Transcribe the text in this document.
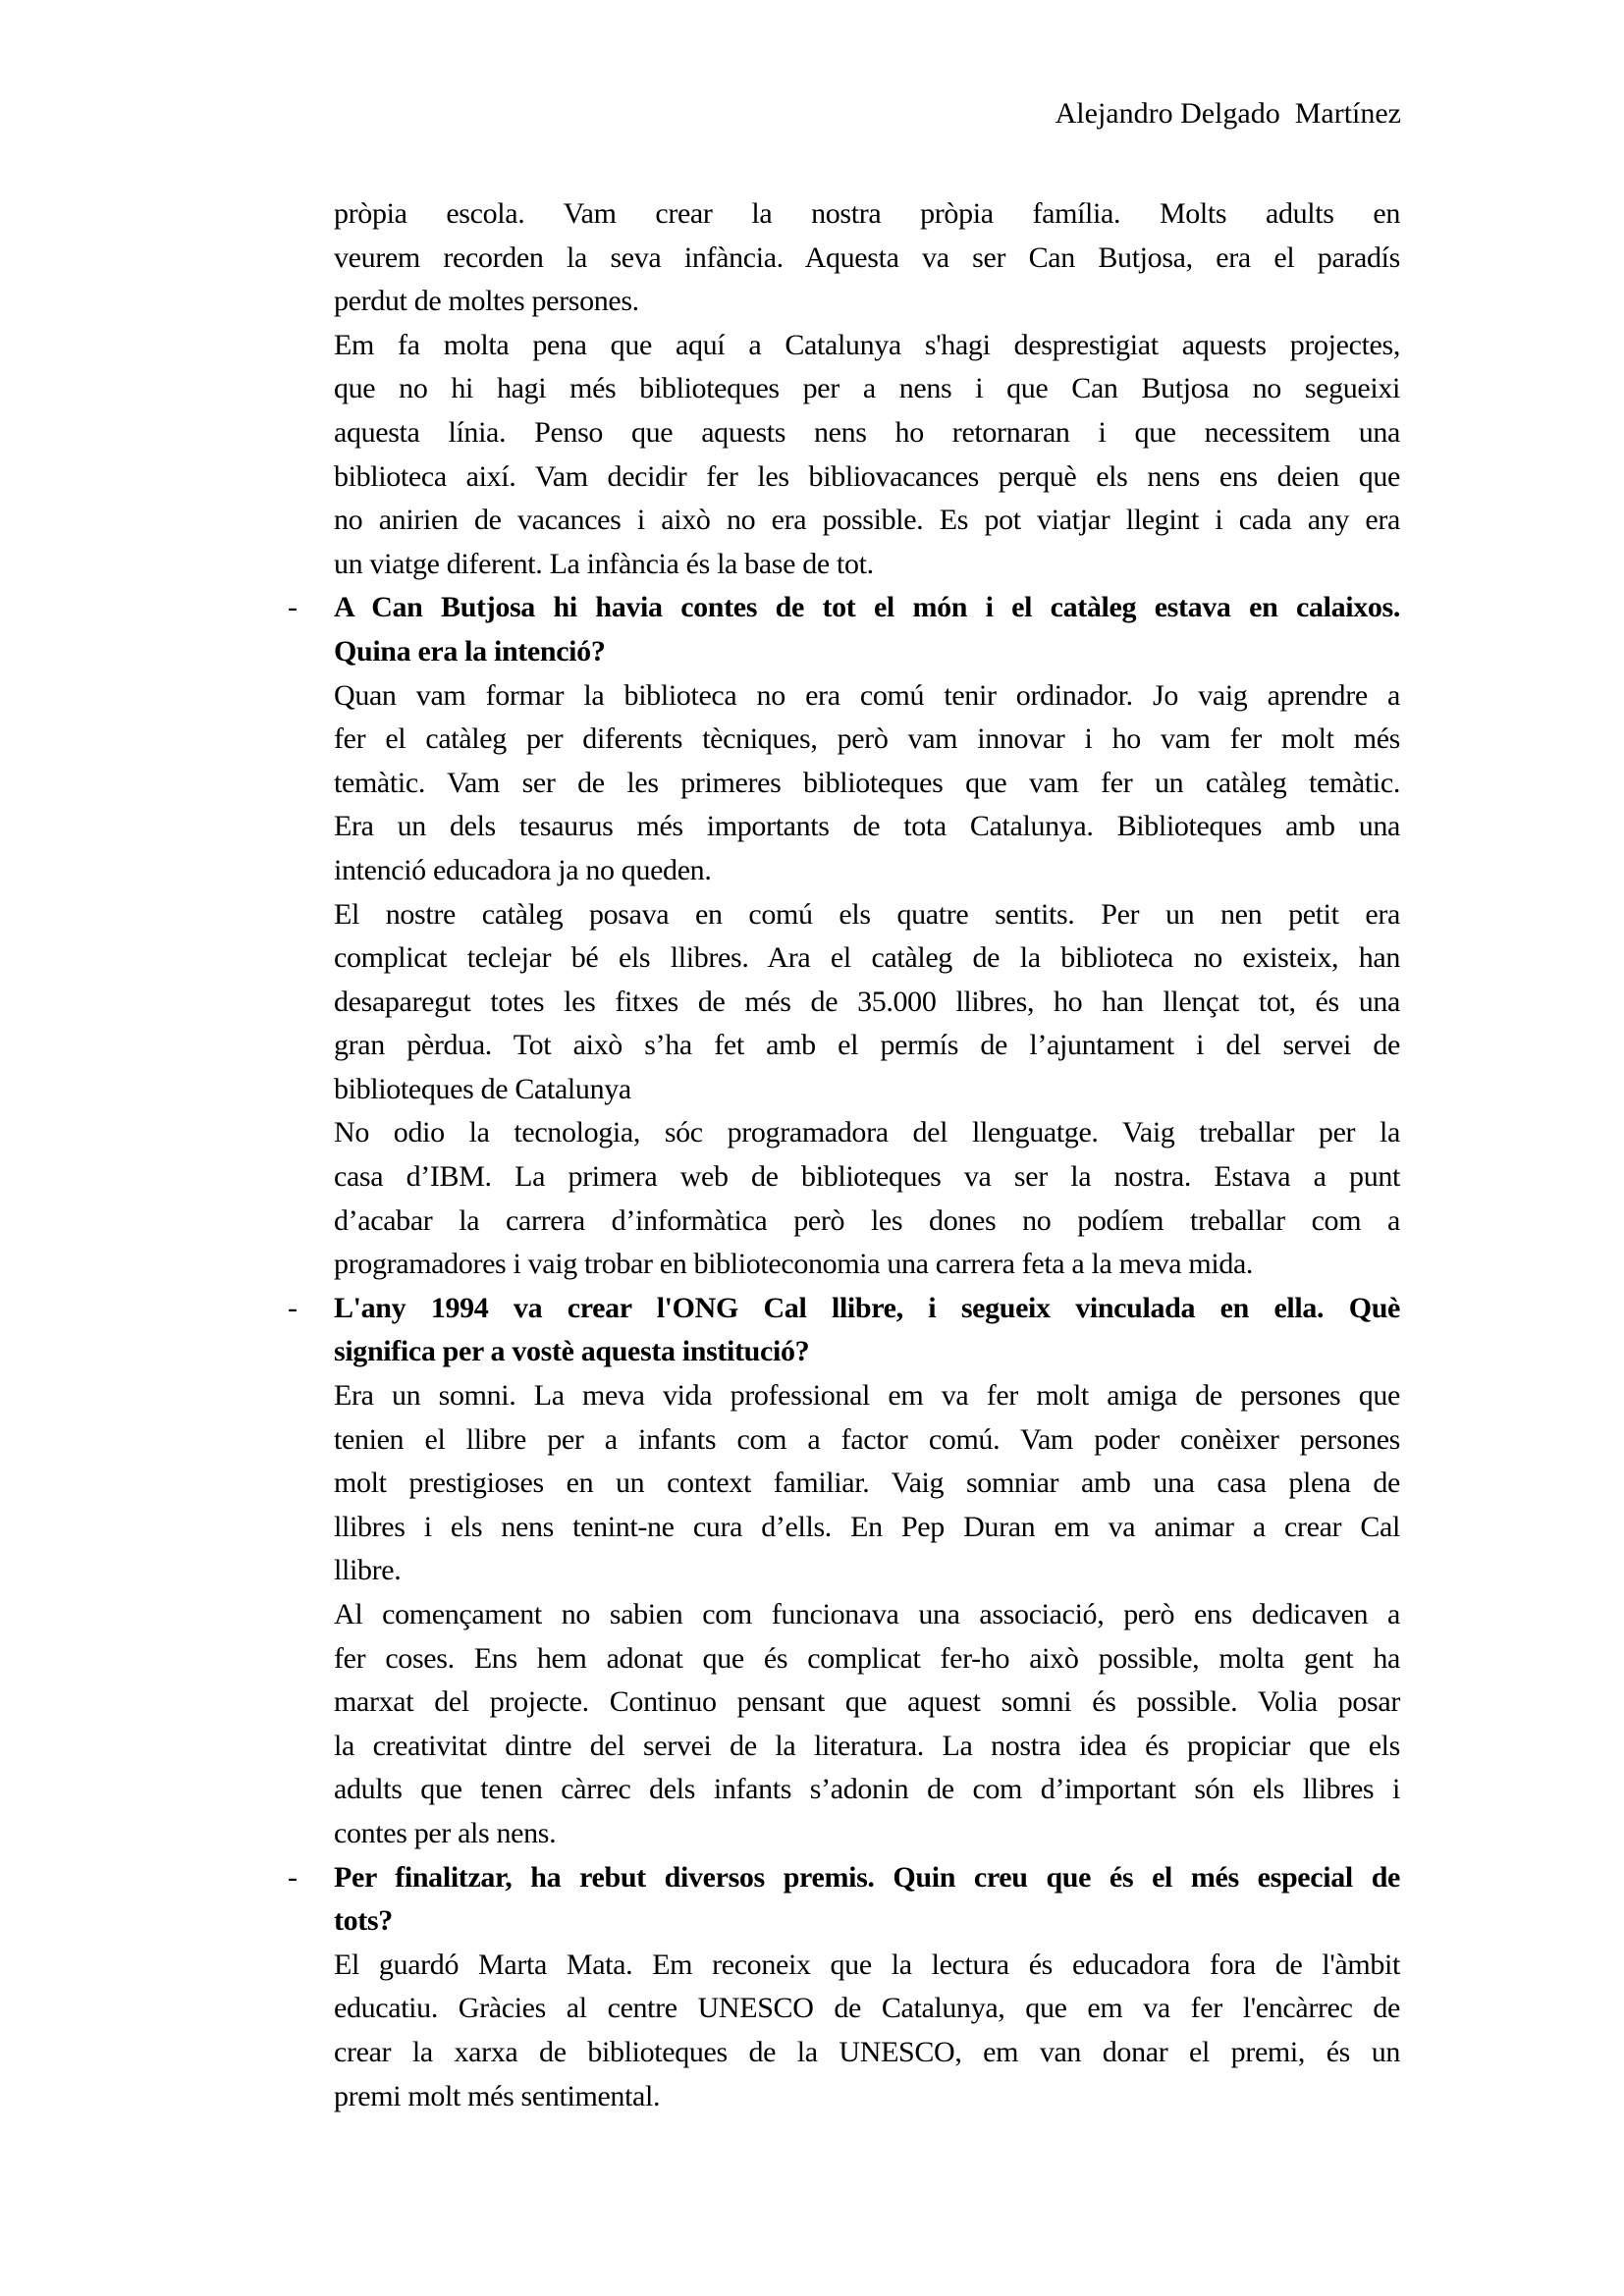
Alejandro Delgado  Martínez
pròpia escola. Vam crear la nostra pròpia família. Molts adults en
veurem recorden la seva infància. Aquesta va ser Can Butjosa, era el paradís
perdut de moltes persones.
Em fa molta pena que aquí a Catalunya s'hagi desprestigiat aquests projectes,
que no hi hagi més biblioteques per a nens i que Can Butjosa no segueixi
aquesta línia. Penso que aquests nens ho retornaran i que necessitem una
biblioteca així. Vam decidir fer les bibliovacances perquè els nens ens deien que
no anirien de vacances i això no era possible. Es pot viatjar llegint i cada any era
un viatge diferent. La infància és la base de tot.
- A Can Butjosa hi havia contes de tot el món i el catàleg estava en calaixos.
Quina era la intenció?
Quan vam formar la biblioteca no era comú tenir ordinador. Jo vaig aprendre a
fer el catàleg per diferents tècniques, però vam innovar i ho vam fer molt més
temàtic. Vam ser de les primeres biblioteques que vam fer un catàleg temàtic.
Era un dels tesaurus més importants de tota Catalunya. Biblioteques amb una
intenció educadora ja no queden.
El nostre catàleg posava en comú els quatre sentits. Per un nen petit era
complicat teclejar bé els llibres. Ara el catàleg de la biblioteca no existeix, han
desaparegut totes les fitxes de més de 35.000 llibres, ho han llençat tot, és una
gran pèrdua. Tot això s’ha fet amb el permís de l’ajuntament i del servei de
biblioteques de Catalunya
No odio la tecnologia, sóc programadora del llenguatge. Vaig treballar per la
casa d’IBM. La primera web de biblioteques va ser la nostra. Estava a punt
d’acabar la carrera d’informàtica però les dones no podíem treballar com a
programadores i vaig trobar en biblioteconomia una carrera feta a la meva mida.
- L'any 1994 va crear l'ONG Cal llibre, i segueix vinculada en ella. Què
significa per a vostè aquesta institució?
Era un somni. La meva vida professional em va fer molt amiga de persones que
tenien el llibre per a infants com a factor comú. Vam poder conèixer persones
molt prestigioses en un context familiar. Vaig somniar amb una casa plena de
llibres i els nens tenint-ne cura d’ells. En Pep Duran em va animar a crear Cal
llibre.
Al començament no sabien com funcionava una associació, però ens dedicaven a
fer coses. Ens hem adonat que és complicat fer-ho això possible, molta gent ha
marxat del projecte. Continuo pensant que aquest somni és possible. Volia posar
la creativitat dintre del servei de la literatura. La nostra idea és propiciar que els
adults que tenen càrrec dels infants s’adonin de com d’important són els llibres i
contes per als nens.
- Per finalitzar, ha rebut diversos premis. Quin creu que és el més especial de
tots?
El guardó Marta Mata. Em reconeix que la lectura és educadora fora de l'àmbit
educatiu. Gràcies al centre UNESCO de Catalunya, que em va fer l'encàrrec de
crear la xarxa de biblioteques de la UNESCO, em van donar el premi, és un
premi molt més sentimental.
